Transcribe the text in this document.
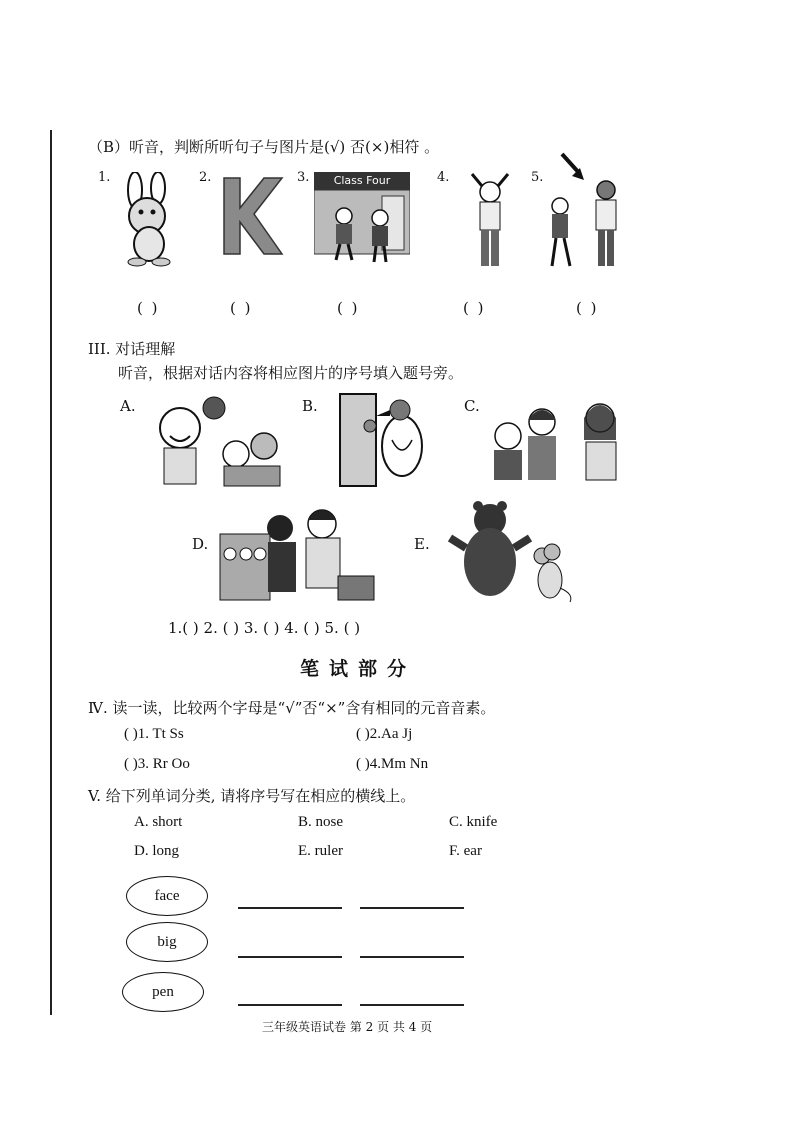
（B）听音，判断所听句子与图片是(√) 否(×)相符 。
1.	2.	3.	4.	5.
Class Four
( )	( )	( )	( )	( )
III. 对话理解
听音，根据对话内容将相应图片的序号填入题号旁。
A.	B.	C.
D.	E.
1.( ) 2. ( ) 3. ( ) 4. ( ) 5. ( )
笔试部分
Ⅳ. 读一读，比较两个字母是“√”否“×”含有相同的元音音素。
( )1. Tt Ss	( )2.Aa Jj
( )3. Rr Oo	( )4.Mm Nn
V. 给下列单词分类, 请将序号写在相应的横线上。
A. short	B. nose	C. knife
D. long	E. ruler	F. ear
face
big
pen
三年级英语试卷 第 2 页 共 4 页
